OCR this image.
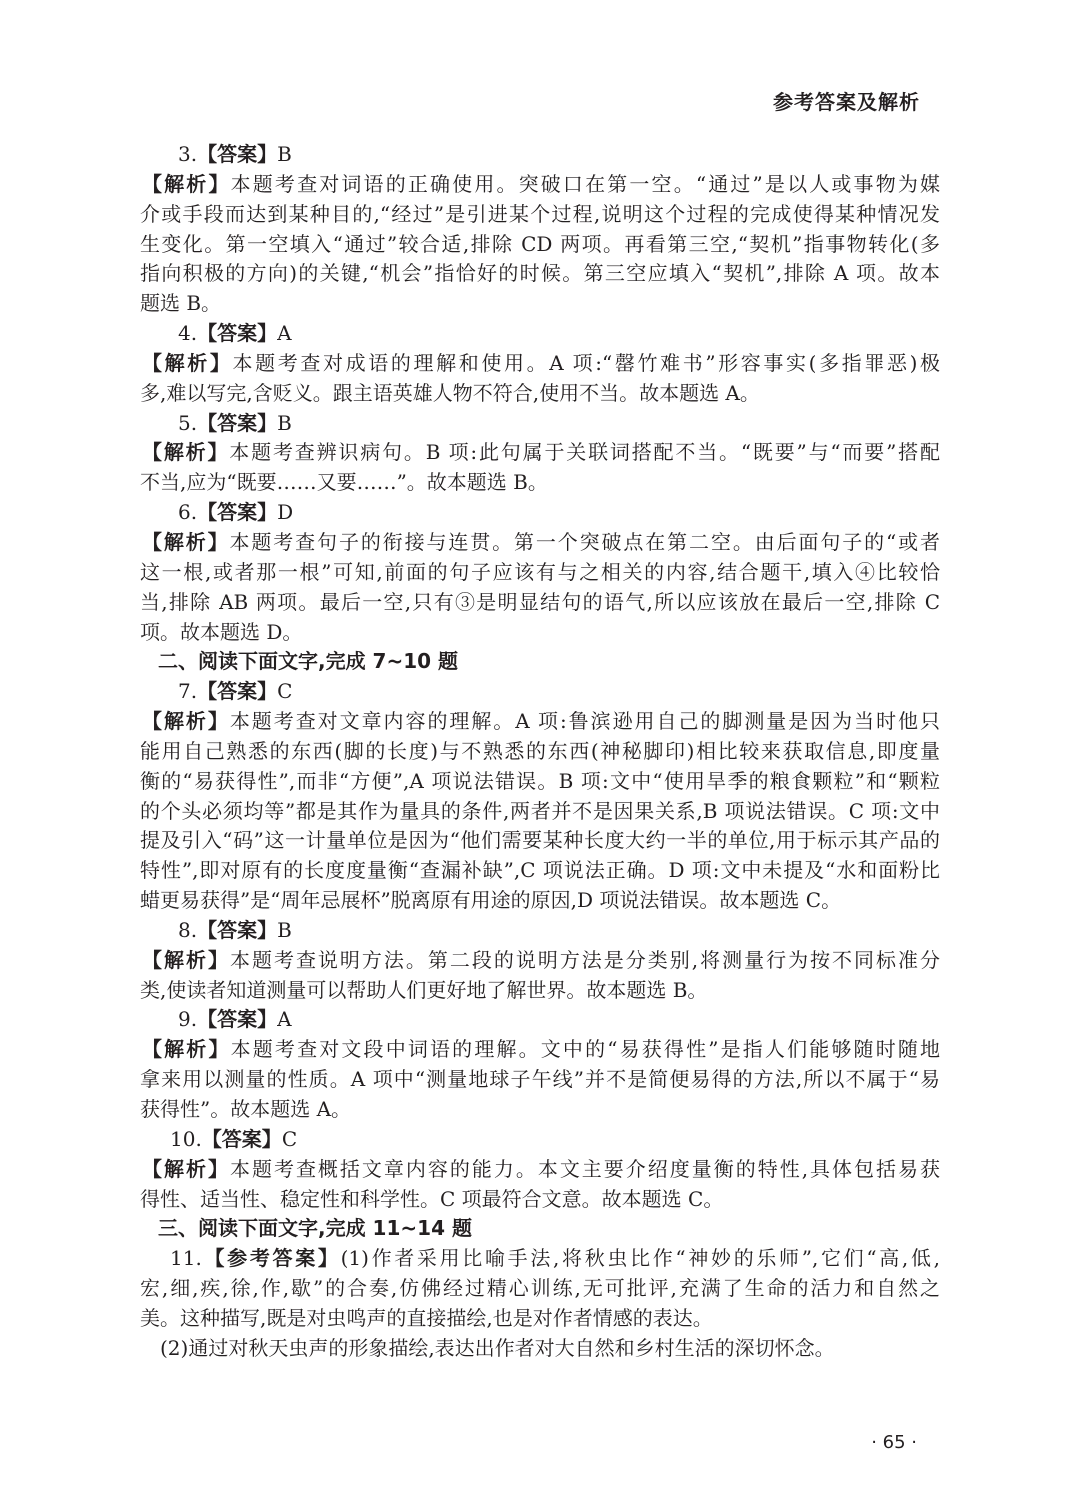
参考答案及解析
3.【答案】B
【解析】本题考查对词语的正确使用。突破口在第一空。“通过”是以人或事物为媒
介或手段而达到某种目的,“经过”是引进某个过程,说明这个过程的完成使得某种情况发
生变化。第一空填入“通过”较合适,排除 CD 两项。再看第三空,“契机”指事物转化(多
指向积极的方向)的关键,“机会”指恰好的时候。第三空应填入“契机”,排除 A 项。故本
题选 B。
4.【答案】A
【解析】本题考查对成语的理解和使用。A 项:“罄竹难书”形容事实(多指罪恶)极
多,难以写完,含贬义。跟主语英雄人物不符合,使用不当。故本题选 A。
5.【答案】B
【解析】本题考查辨识病句。B 项:此句属于关联词搭配不当。“既要”与“而要”搭配
不当,应为“既要……又要……”。故本题选 B。
6.【答案】D
【解析】本题考查句子的衔接与连贯。第一个突破点在第二空。由后面句子的“或者
这一根,或者那一根”可知,前面的句子应该有与之相关的内容,结合题干,填入④比较恰
当,排除 AB 两项。最后一空,只有③是明显结句的语气,所以应该放在最后一空,排除 C
项。故本题选 D。
二、阅读下面文字,完成 7~10 题
7.【答案】C
【解析】本题考查对文章内容的理解。A 项:鲁滨逊用自己的脚测量是因为当时他只
能用自己熟悉的东西(脚的长度)与不熟悉的东西(神秘脚印)相比较来获取信息,即度量
衡的“易获得性”,而非“方便”,A 项说法错误。B 项:文中“使用旱季的粮食颗粒”和“颗粒
的个头必须均等”都是其作为量具的条件,两者并不是因果关系,B 项说法错误。C 项:文中
提及引入“码”这一计量单位是因为“他们需要某种长度大约一半的单位,用于标示其产品的
特性”,即对原有的长度度量衡“查漏补缺”,C 项说法正确。D 项:文中未提及“水和面粉比
蜡更易获得”是“周年忌展杯”脱离原有用途的原因,D 项说法错误。故本题选 C。
8.【答案】B
【解析】本题考查说明方法。第二段的说明方法是分类别,将测量行为按不同标准分
类,使读者知道测量可以帮助人们更好地了解世界。故本题选 B。
9.【答案】A
【解析】本题考查对文段中词语的理解。文中的“易获得性”是指人们能够随时随地
拿来用以测量的性质。A 项中“测量地球子午线”并不是简便易得的方法,所以不属于“易
获得性”。故本题选 A。
10.【答案】C
【解析】本题考查概括文章内容的能力。本文主要介绍度量衡的特性,具体包括易获
得性、适当性、稳定性和科学性。C 项最符合文意。故本题选 C。
三、阅读下面文字,完成 11~14 题
11.【参考答案】(1)作者采用比喻手法,将秋虫比作“神妙的乐师”,它们“高,低,
宏,细,疾,徐,作,歇”的合奏,仿佛经过精心训练,无可批评,充满了生命的活力和自然之
美。这种描写,既是对虫鸣声的直接描绘,也是对作者情感的表达。
(2)通过对秋天虫声的形象描绘,表达出作者对大自然和乡村生活的深切怀念。
· 65 ·
